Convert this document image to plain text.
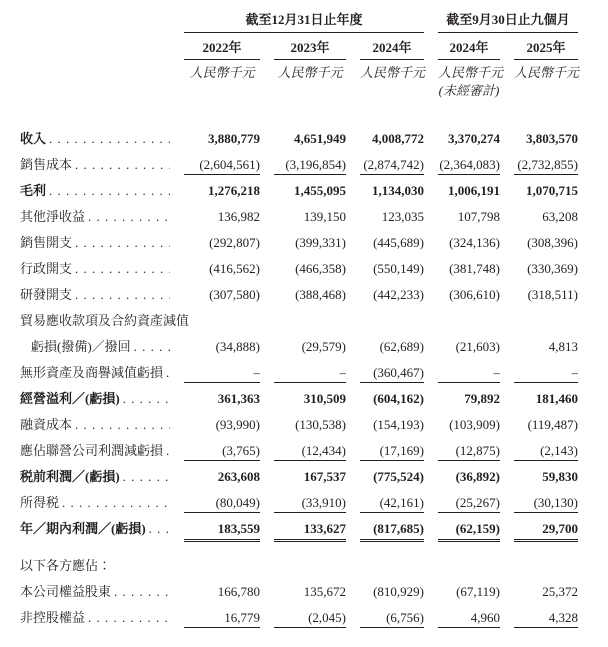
截至12月31日止年度	截至9月30日止九個月
2022年	2023年	2024年	2024年	2025年
人民幣千元	人民幣千元 人民幣千元 人民幣千元 人民幣千元
(未經審計)
收入 . . .	3,880,779	4,651,949	4,008,772	3,370,274	3,803,570
銷售成本 . . .	(2,604,561)	(3,196,854) (2,874,742) (2,364,083) (2,732,855)
毛利 . . .	1,276,218	1,455,095	1,134,030	1,006,191	1,070,715
其他淨收益 . . .	136,982	139,150	123,035	107,798	63,208
銷售開支 . . .	(292,807)	(399,331)	(445,689)	(324,136)	(308,396)
行政開支 . . .	(416,562)	(466,358)	(550,149)	(381,748)	(330,369)
研發開支 . . .	(307,580)	(388,468)	(442,233)	(306,610)	(318,511)
貿易應收款項及合約資產減值
虧損(撥備)／撥回 . . .	(34,888)	(29,579)	(62,689)	(21,603)	4,813
無形資產及商譽減值虧損 . . .	–	–	(360,467)	–	–
經營溢利／(虧損) . . .	361,363	310,509	(604,162)	79,892	181,460
融資成本 . . .	(93,990)	(130,538)	(154,193)	(103,909)	(119,487)
應佔聯營公司利潤減虧損 . . .	(3,765)	(12,434)	(17,169)	(12,875)	(2,143)
税前利潤／(虧損) . . .	263,608	167,537	(775,524)	(36,892)	59,830
所得税 . . .	(80,049)	(33,910)	(42,161)	(25,267)	(30,130)
年／期內利潤／(虧損) . . .	183,559	133,627	(817,685)	(62,159)	29,700
以下各方應佔：
本公司權益股東 . . .	166,780	135,672	(810,929)	(67,119)	25,372
非控股權益 . . .	16,779	(2,045)	(6,756)	4,960	4,328
